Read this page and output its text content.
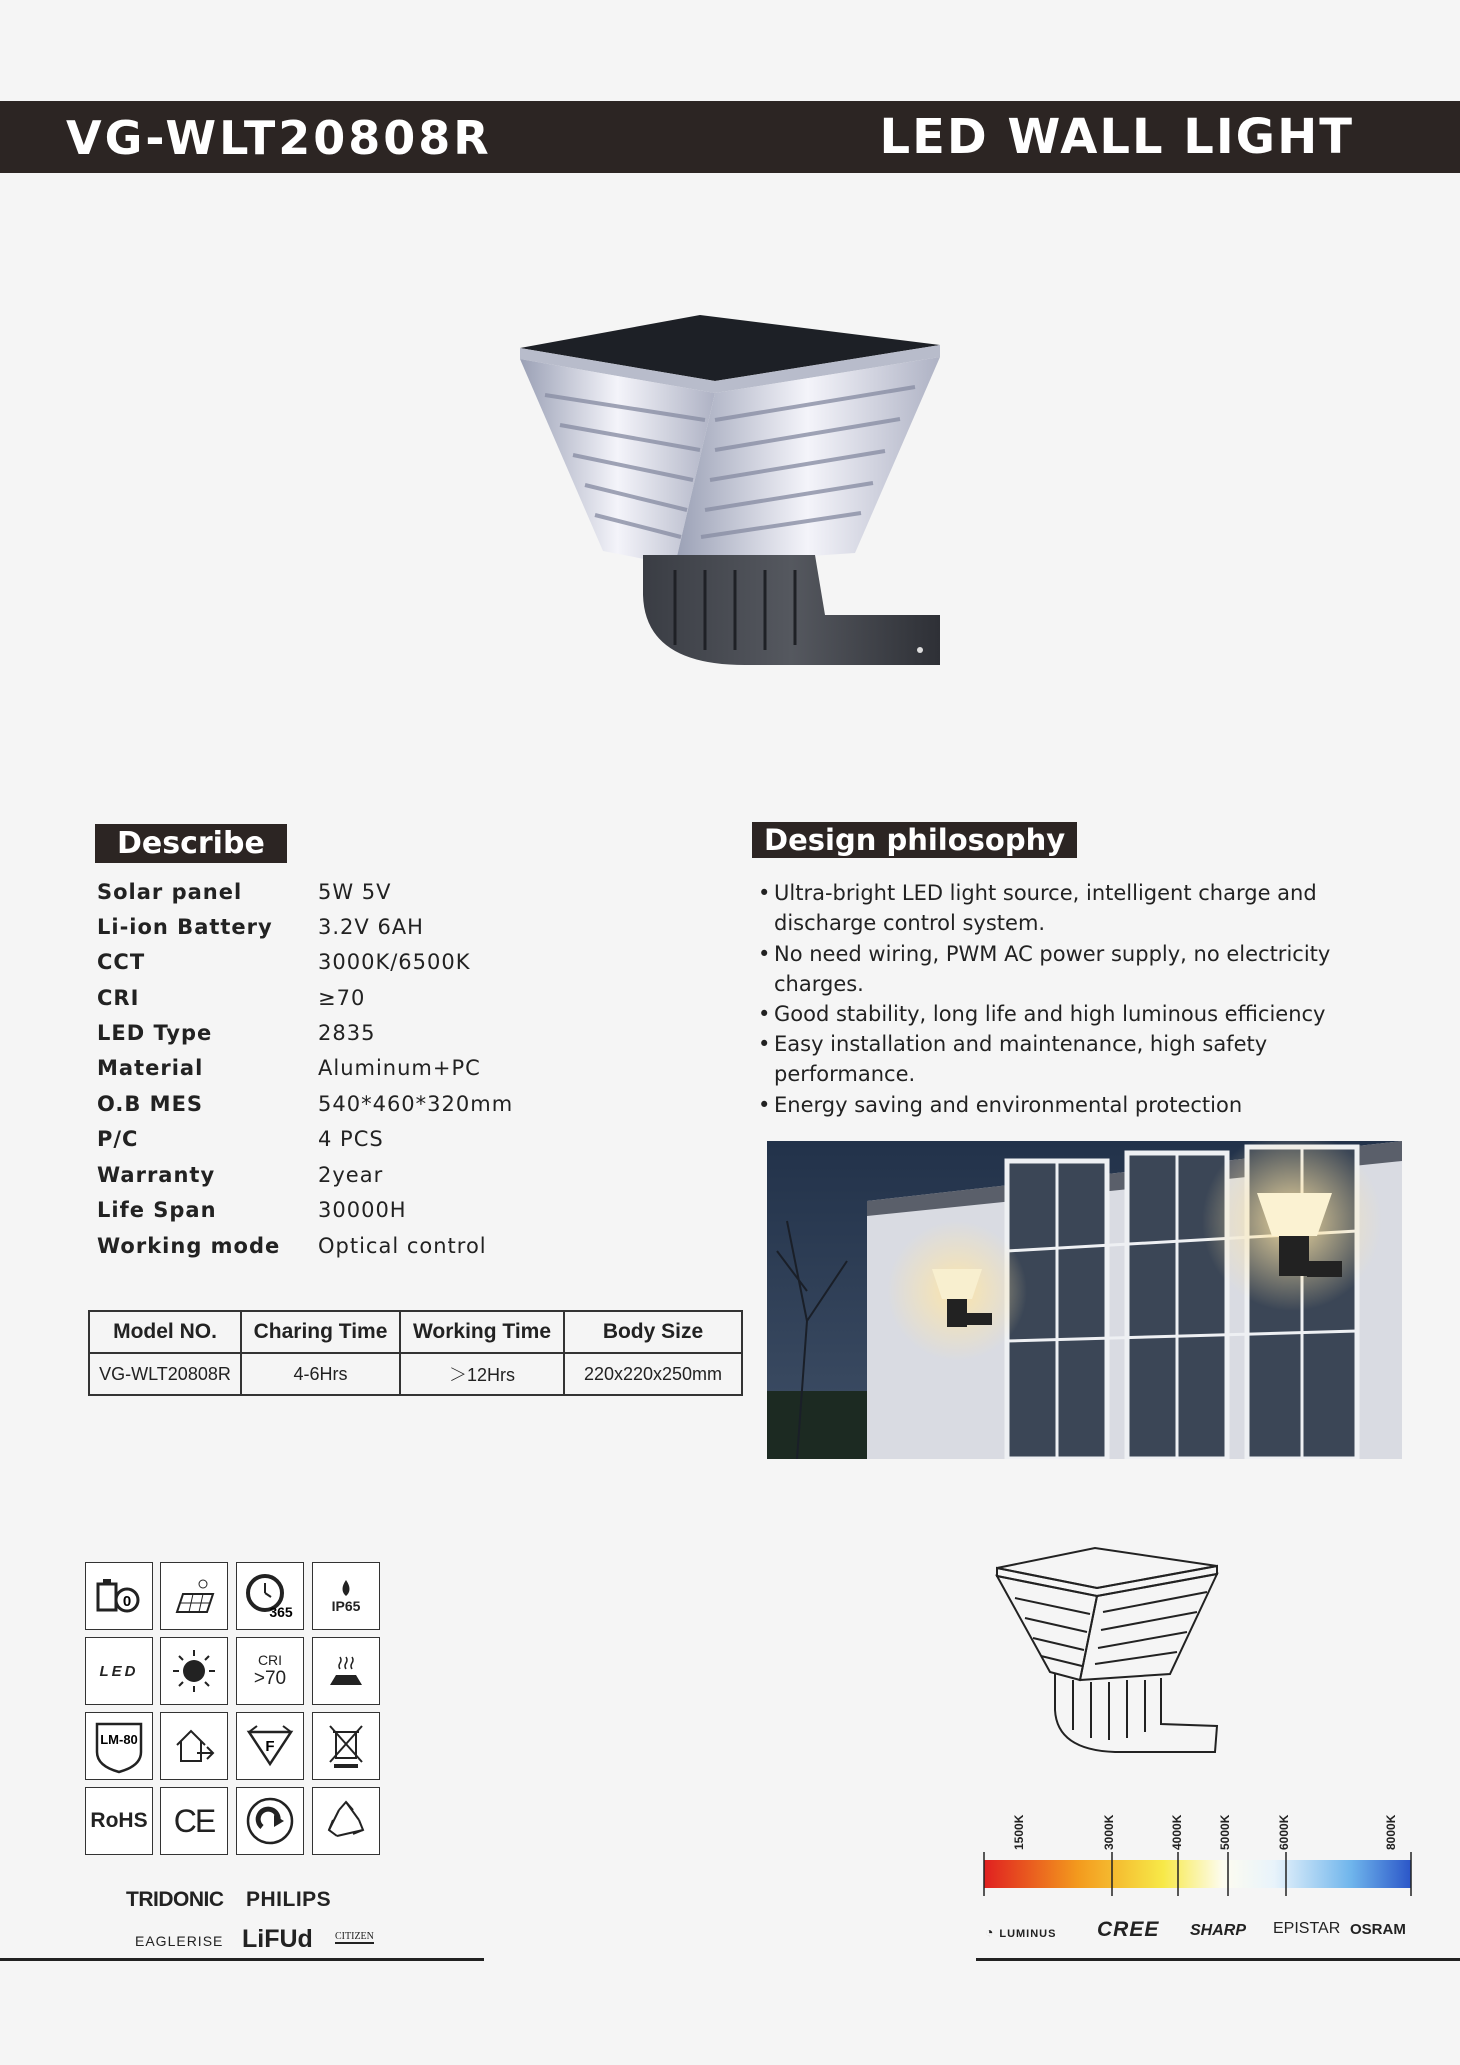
VG-WLT20808R	LED WALL LIGHT
Describe
Solar panel	5W 5V
Li-ion Battery 3.2V 6AH
CCT	3000K/6500K
CRI	≥70
LED Type	2835
Material	Aluminum+PC
O.B MES	540*460*320mm
P/C	4 PCS
Warranty	2year
Life Span	30000H
Working mode Optical control
Model NO.	Charing Time	Working Time	Body Size
VG-WLT20808R	4-6Hrs	＞12Hrs	220x220x250mm
Design philosophy
• Ultra-bright LED light source, intelligent charge and discharge control system.
• No need wiring, PWM AC power supply, no electricity charges.
• Good stability, long life and high luminous efficiency
• Easy installation and maintenance, high safety performance.
• Energy saving and environmental protection
0
365	IP65
LED
CRI
>70
LM-80	F
RoHS CE
TRIDONIC PHILIPS
EAGLERISE LiFUd CITIZEN
1500K	3000K	4000K	5000K	6000K	8000K
◔ LUMINUS CREE SHARP EPISTAR OSRAM
